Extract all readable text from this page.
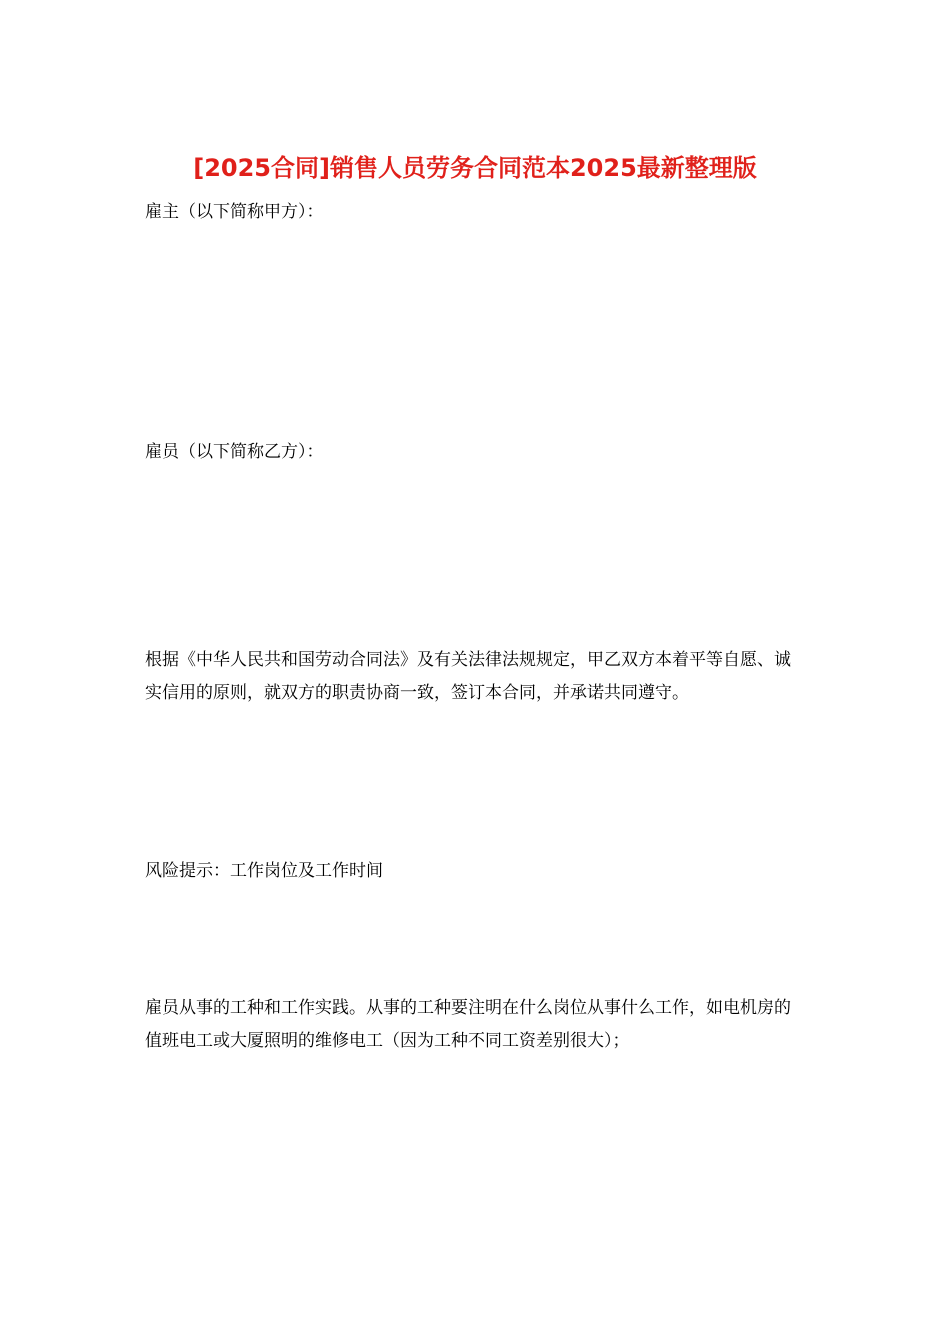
[2025合同]销售人员劳务合同范本2025最新整理版

雇主（以下简称甲方）：

雇员（以下简称乙方）：

根据《中华人民共和国劳动合同法》及有关法律法规规定，甲乙双方本着平等自愿、诚实信用的原则，就双方的职责协商一致，签订本合同，并承诺共同遵守。

风险提示：工作岗位及工作时间

雇员从事的工种和工作实践。从事的工种要注明在什么岗位从事什么工作，如电机房的值班电工或大厦照明的维修电工（因为工种不同工资差别很大）；
